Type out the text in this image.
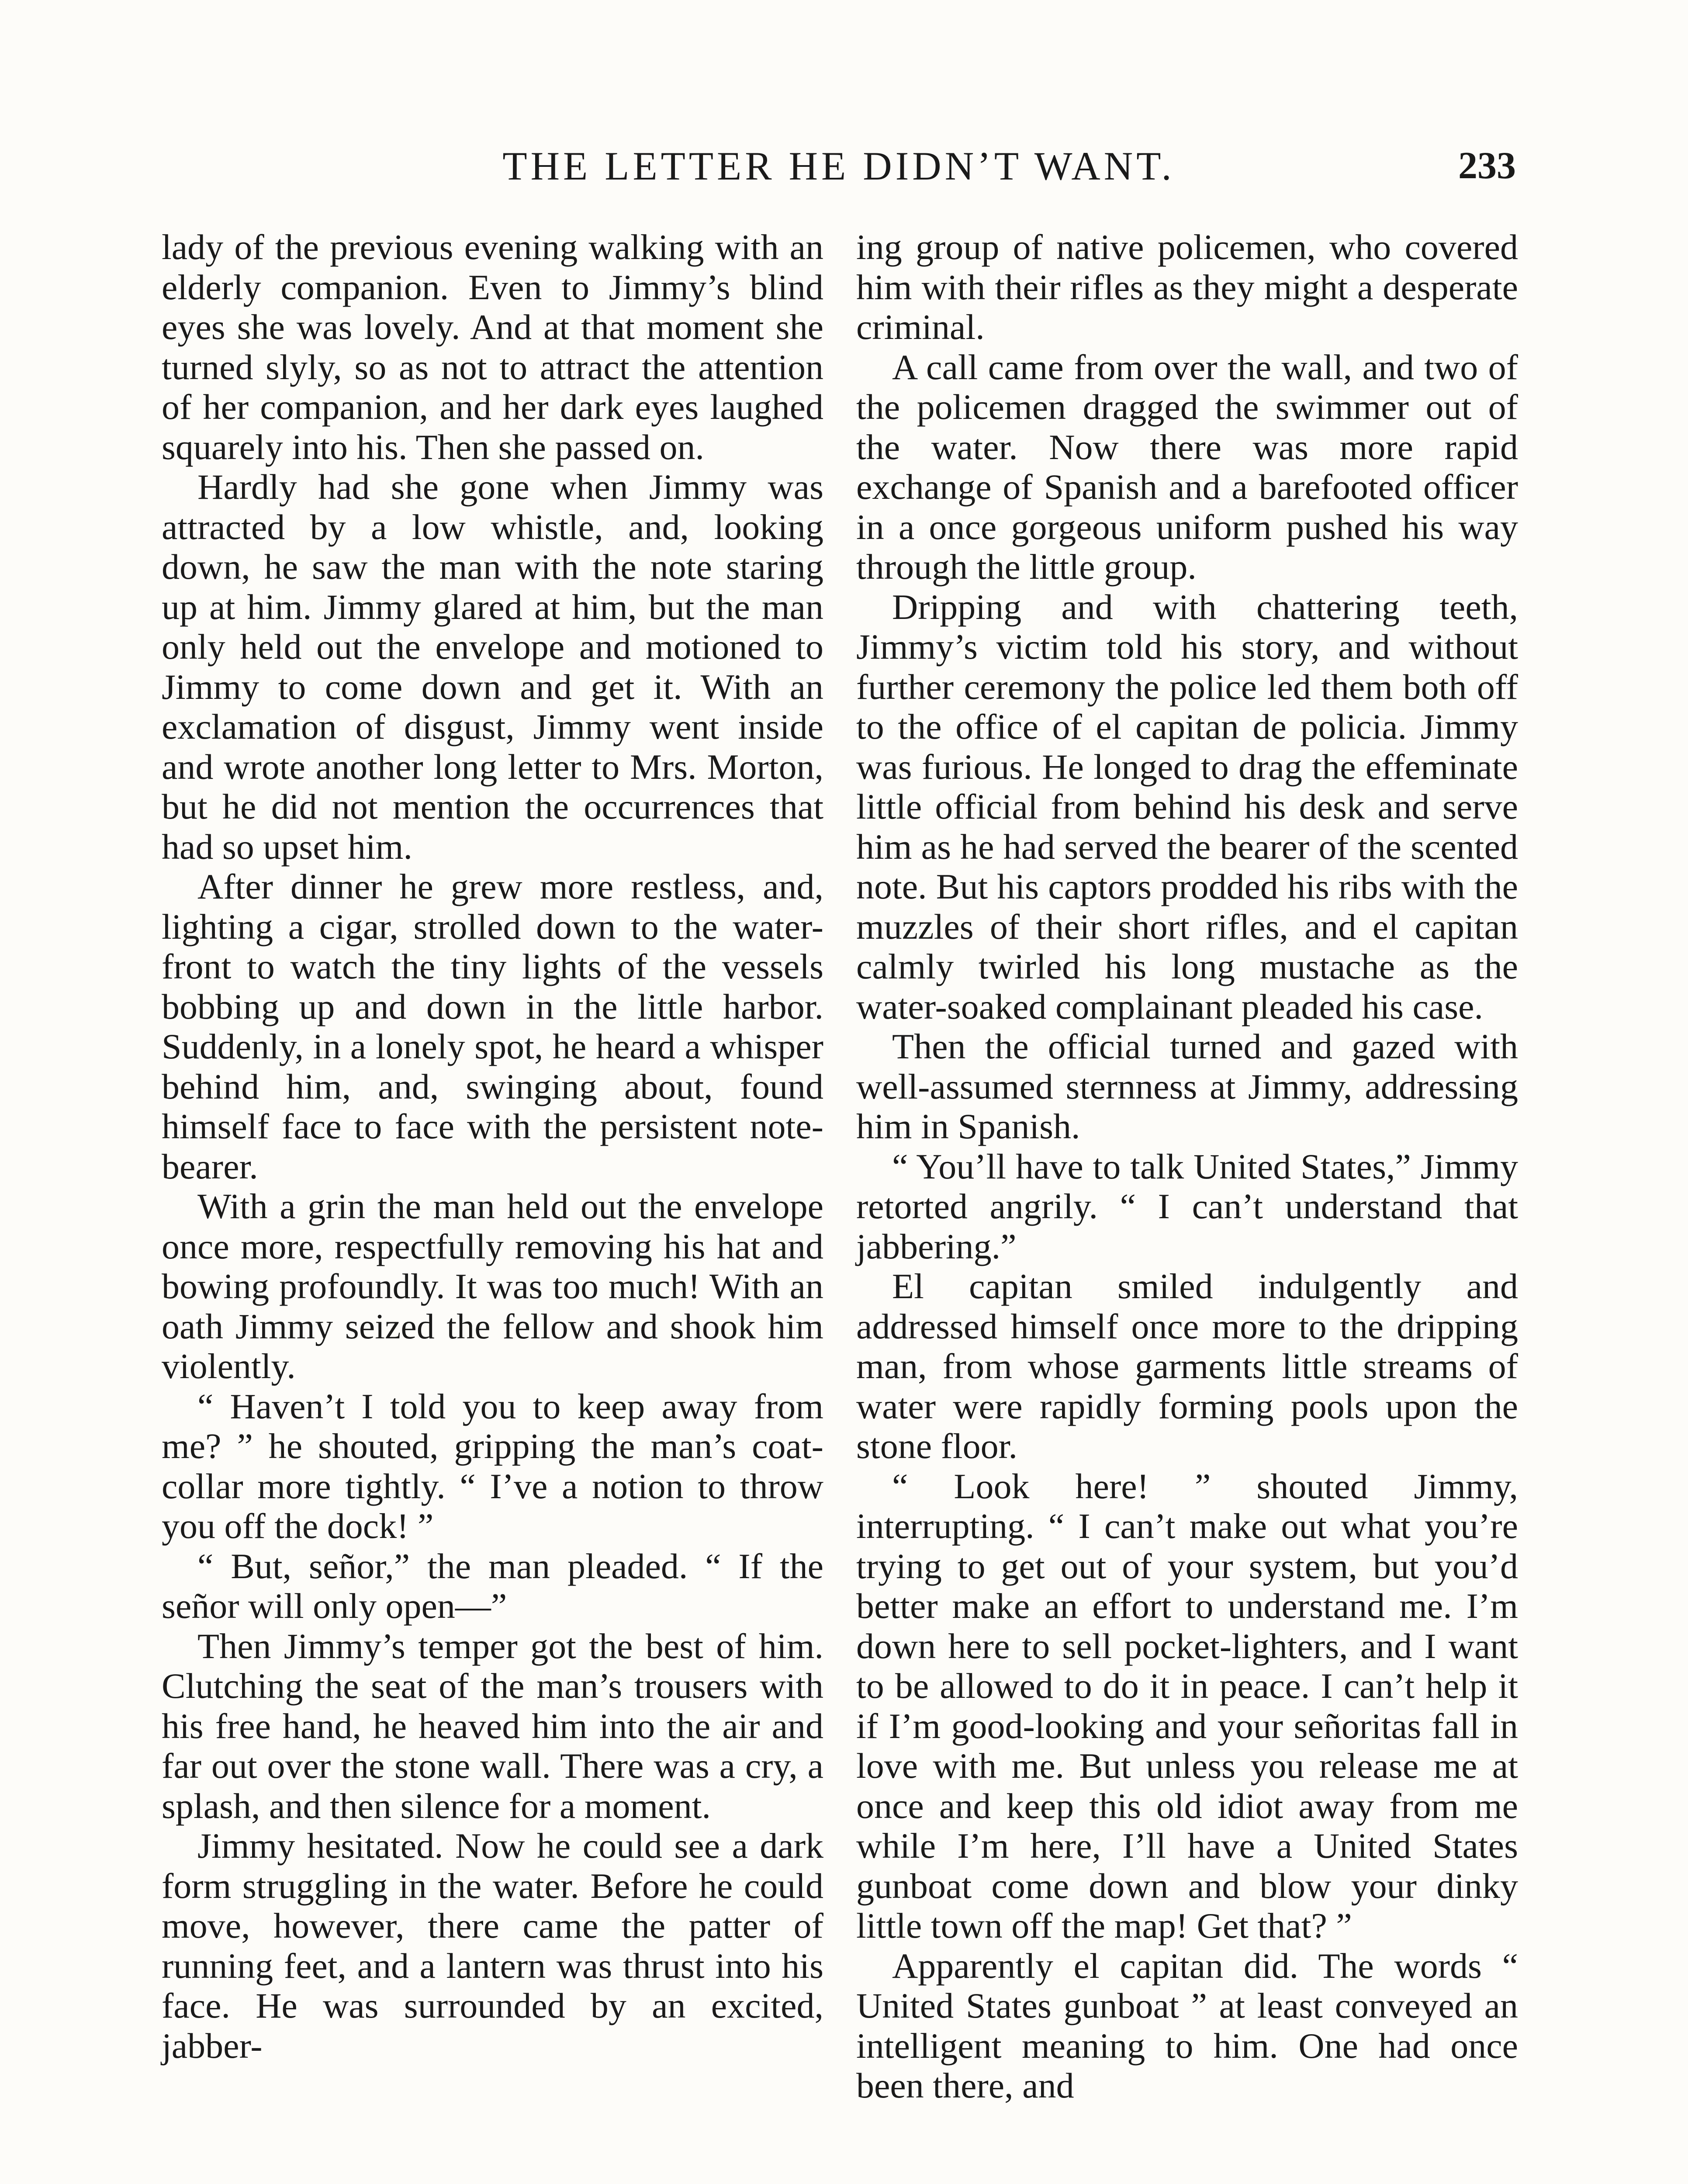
THE LETTER HE DIDN’T WANT.	233

lady of the previous evening walking with an elderly companion. Even to Jimmy’s blind eyes she was lovely. And at that moment she turned slyly, so as not to attract the attention of her companion, and her dark eyes laughed squarely into his. Then she passed on.

Hardly had she gone when Jimmy was attracted by a low whistle, and, looking down, he saw the man with the note staring up at him. Jimmy glared at him, but the man only held out the envelope and motioned to Jimmy to come down and get it. With an exclamation of disgust, Jimmy went inside and wrote another long letter to Mrs. Morton, but he did not mention the occurrences that had so upset him.

After dinner he grew more restless, and, lighting a cigar, strolled down to the water-front to watch the tiny lights of the vessels bobbing up and down in the little harbor. Suddenly, in a lonely spot, he heard a whisper behind him, and, swinging about, found himself face to face with the persistent note-bearer.

With a grin the man held out the envelope once more, respectfully removing his hat and bowing profoundly. It was too much! With an oath Jimmy seized the fellow and shook him violently.

“ Haven’t I told you to keep away from me? ” he shouted, gripping the man’s coat-collar more tightly. “ I’ve a notion to throw you off the dock! ”

“ But, señor,” the man pleaded. “ If the señor will only open—”

Then Jimmy’s temper got the best of him. Clutching the seat of the man’s trousers with his free hand, he heaved him into the air and far out over the stone wall. There was a cry, a splash, and then silence for a moment.

Jimmy hesitated. Now he could see a dark form struggling in the water. Before he could move, however, there came the patter of running feet, and a lantern was thrust into his face. He was surrounded by an excited, jabber-

ing group of native policemen, who covered him with their rifles as they might a desperate criminal.

A call came from over the wall, and two of the policemen dragged the swimmer out of the water. Now there was more rapid exchange of Spanish and a barefooted officer in a once gorgeous uniform pushed his way through the little group.

Dripping and with chattering teeth, Jimmy’s victim told his story, and without further ceremony the police led them both off to the office of el capitan de policia. Jimmy was furious. He longed to drag the effeminate little official from behind his desk and serve him as he had served the bearer of the scented note. But his captors prodded his ribs with the muzzles of their short rifles, and el capitan calmly twirled his long mustache as the water-soaked complainant pleaded his case.

Then the official turned and gazed with well-assumed sternness at Jimmy, addressing him in Spanish.

“ You’ll have to talk United States,” Jimmy retorted angrily. “ I can’t understand that jabbering.”

El capitan smiled indulgently and addressed himself once more to the dripping man, from whose garments little streams of water were rapidly forming pools upon the stone floor.

“ Look here! ” shouted Jimmy, interrupting. “ I can’t make out what you’re trying to get out of your system, but you’d better make an effort to understand me. I’m down here to sell pocket-lighters, and I want to be allowed to do it in peace. I can’t help it if I’m good-looking and your señoritas fall in love with me. But unless you release me at once and keep this old idiot away from me while I’m here, I’ll have a United States gunboat come down and blow your dinky little town off the map! Get that? ”

Apparently el capitan did. The words “ United States gunboat ” at least conveyed an intelligent meaning to him. One had once been there, and
